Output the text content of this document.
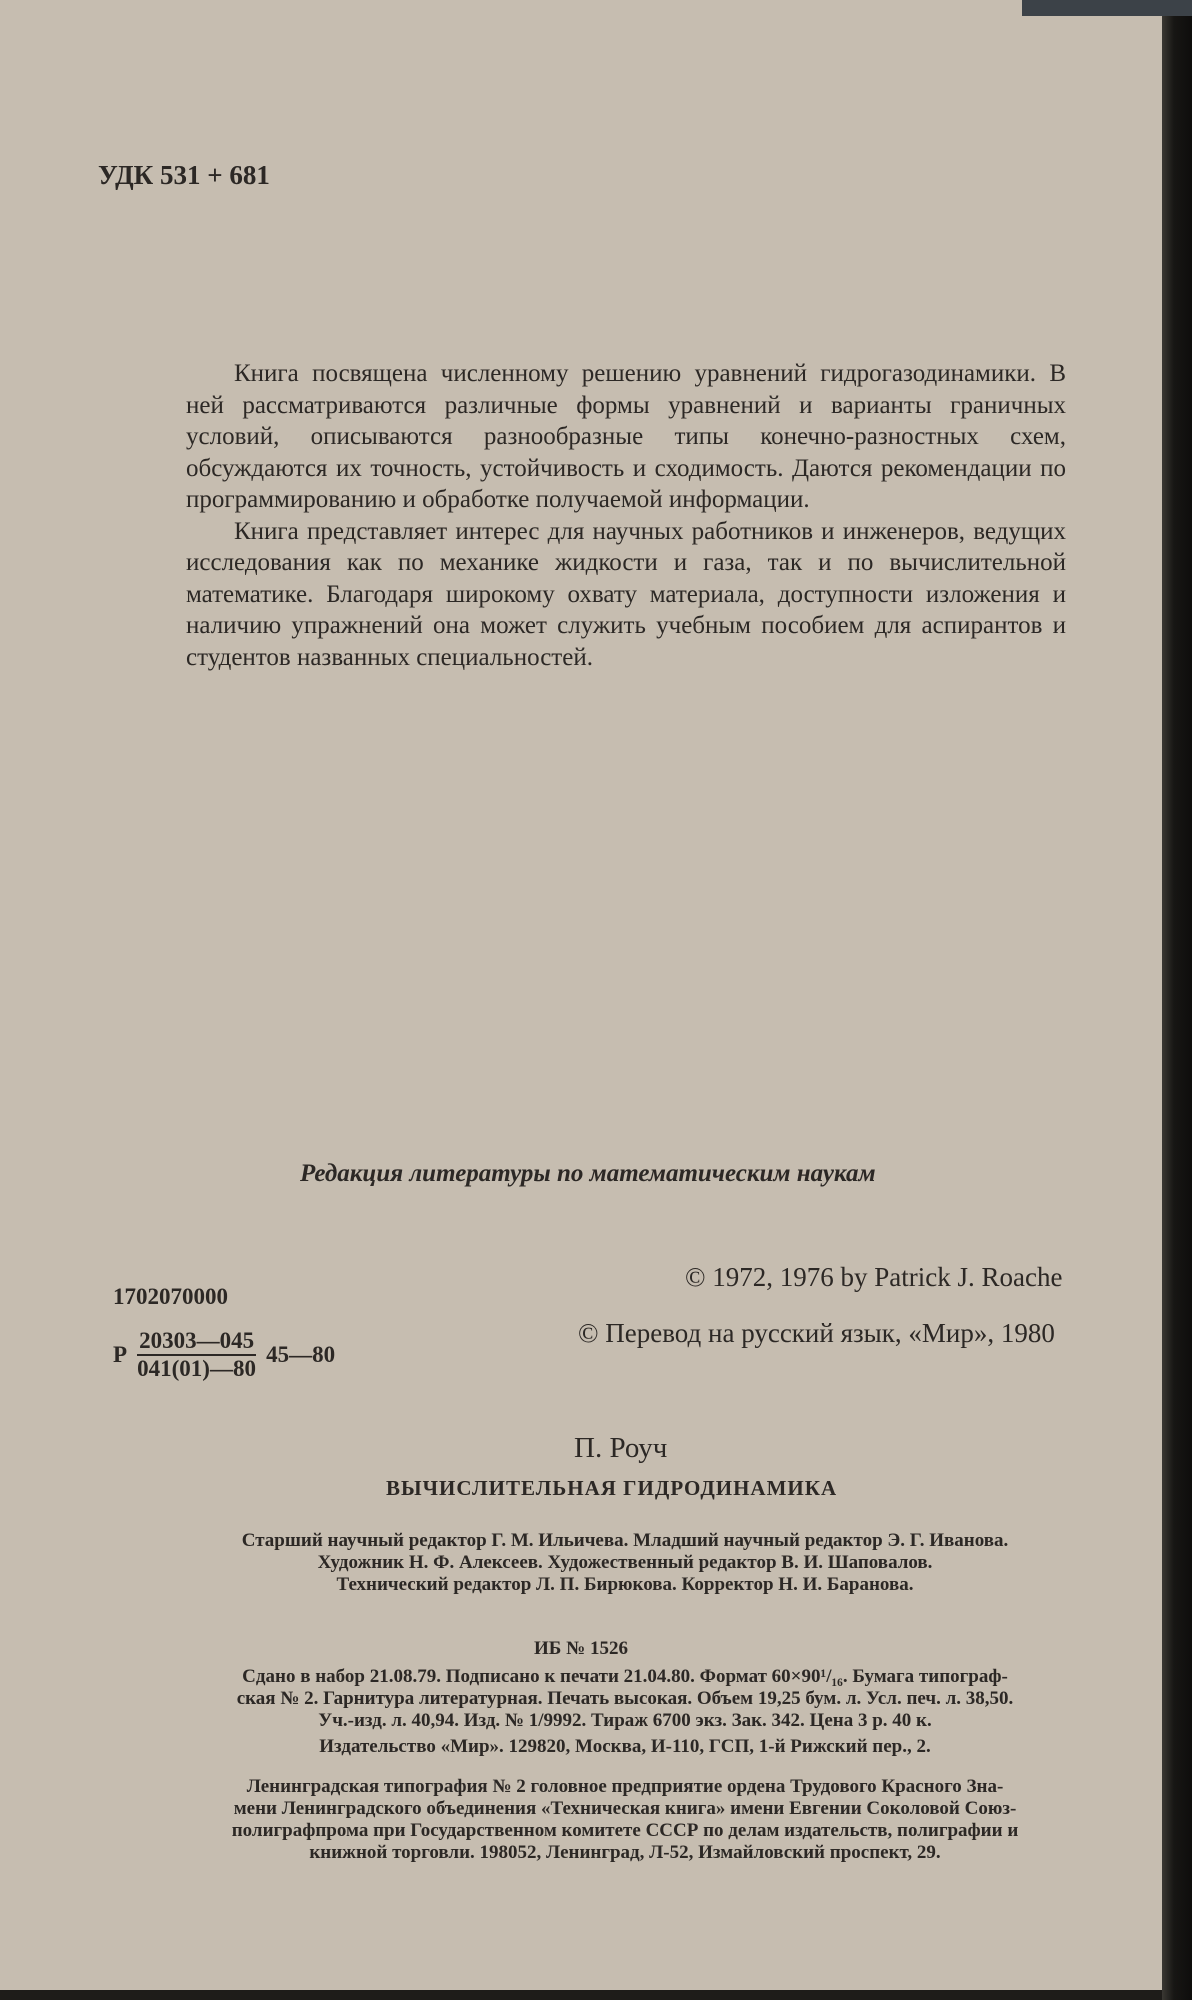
УДК 531 + 681

Книга посвящена численному решению уравнений гидрогазодинамики. В ней рассматриваются различные формы уравнений и варианты граничных условий, описываются разнообразные типы конечно-разностных схем, обсуждаются их точность, устойчивость и сходимость. Даются рекомендации по программированию и обработке получаемой информации.

Книга представляет интерес для научных работников и инженеров, ведущих исследования как по механике жидкости и газа, так и по вычислительной математике. Благодаря широкому охвату материала, доступности изложения и наличию упражнений она может служить учебным пособием для аспирантов и студентов названных специальностей.

Редакция литературы по математическим наукам
1702070000
Р $\frac{20303—045}{041(01)—80}$ 45—80
© 1972, 1976 by Patrick J. Roache
© Перевод на русский язык, «Мир», 1980
П. Роуч
ВЫЧИСЛИТЕЛЬНАЯ ГИДРОДИНАМИКА
Старший научный редактор Г. М. Ильичева. Младший научный редактор Э. Г. Иванова.
Художник Н. Ф. Алексеев. Художественный редактор В. И. Шаповалов.
Технический редактор Л. П. Бирюкова. Корректор Н. И. Баранова.
ИБ № 1526
Сдано в набор 21.08.79. Подписано к печати 21.04.80. Формат 60×90¹/₁₆. Бумага типограф-
ская № 2. Гарнитура литературная. Печать высокая. Объем 19,25 бум. л. Усл. печ. л. 38,50.
Уч.-изд. л. 40,94. Изд. № 1/9992. Тираж 6700 экз. Зак. 342. Цена 3 р. 40 к.
Издательство «Мир». 129820, Москва, И-110, ГСП, 1-й Рижский пер., 2.
Ленинградская типография № 2 головное предприятие ордена Трудового Красного Зна-
мени Ленинградского объединения «Техническая книга» имени Евгении Соколовой Союз-
полиграфпрома при Государственном комитете СССР по делам издательств, полиграфии и
книжной торговли. 198052, Ленинград, Л-52, Измайловский проспект, 29.
